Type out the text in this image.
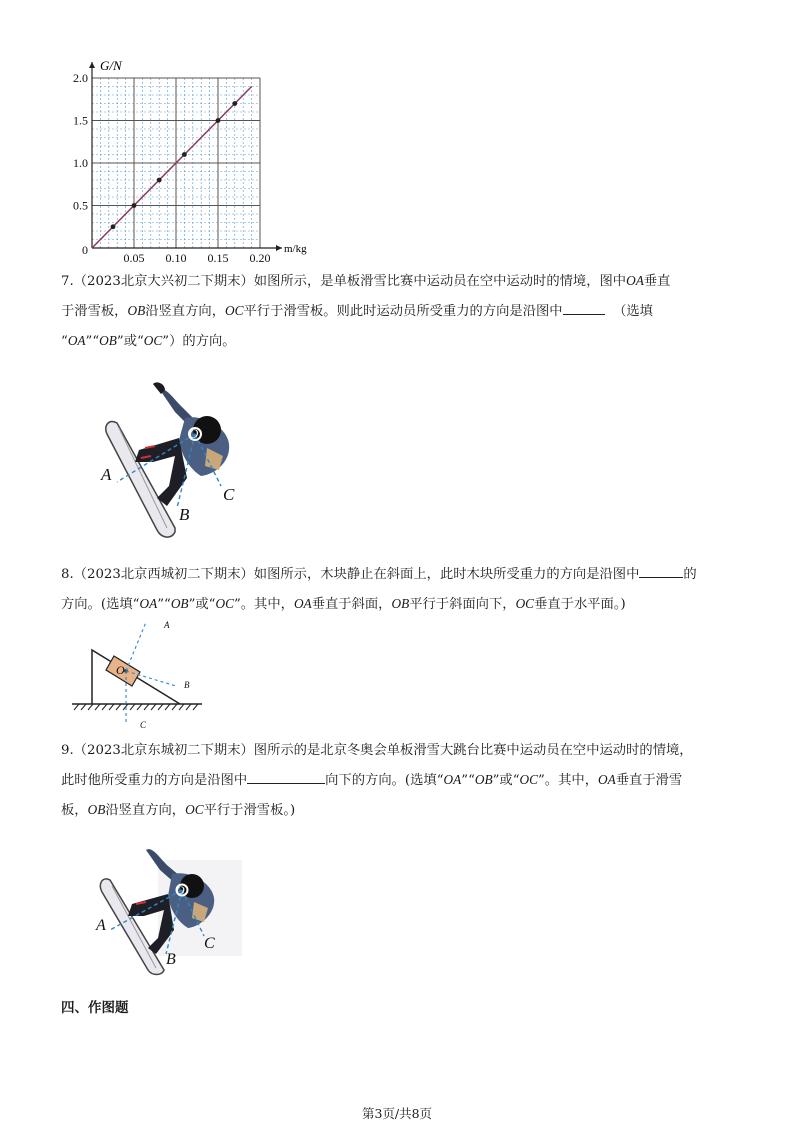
0.05 0.10 0.15 0.20
0
0.5
1.0
1.5
2.0
G/N
m/kg

7.（2023北京大兴初二下期末）如图所示，是单板滑雪比赛中运动员在空中运动时的情境，图中OA垂直
于滑雪板，OB沿竖直方向，OC平行于滑雪板。则此时运动员所受重力的方向是沿图中	（选填
“OA”“OB”或“OC”）的方向。

O
A
B
C

8.（2023北京西城初二下期末）如图所示，木块静止在斜面上，此时木块所受重力的方向是沿图中	的
方向。(选填“OA”“OB”或“OC”。其中，OA垂直于斜面，OB平行于斜面向下，OC垂直于水平面。)

O
A
B
C

9.（2023北京东城初二下期末）图所示的是北京冬奥会单板滑雪大跳台比赛中运动员在空中运动时的情境，
此时他所受重力的方向是沿图中	向下的方向。(选填“OA”“OB”或“OC”。其中，OA垂直于滑雪
板，OB沿竖直方向，OC平行于滑雪板。)

O
A
B
C
四、作图题
第3页/共8页
